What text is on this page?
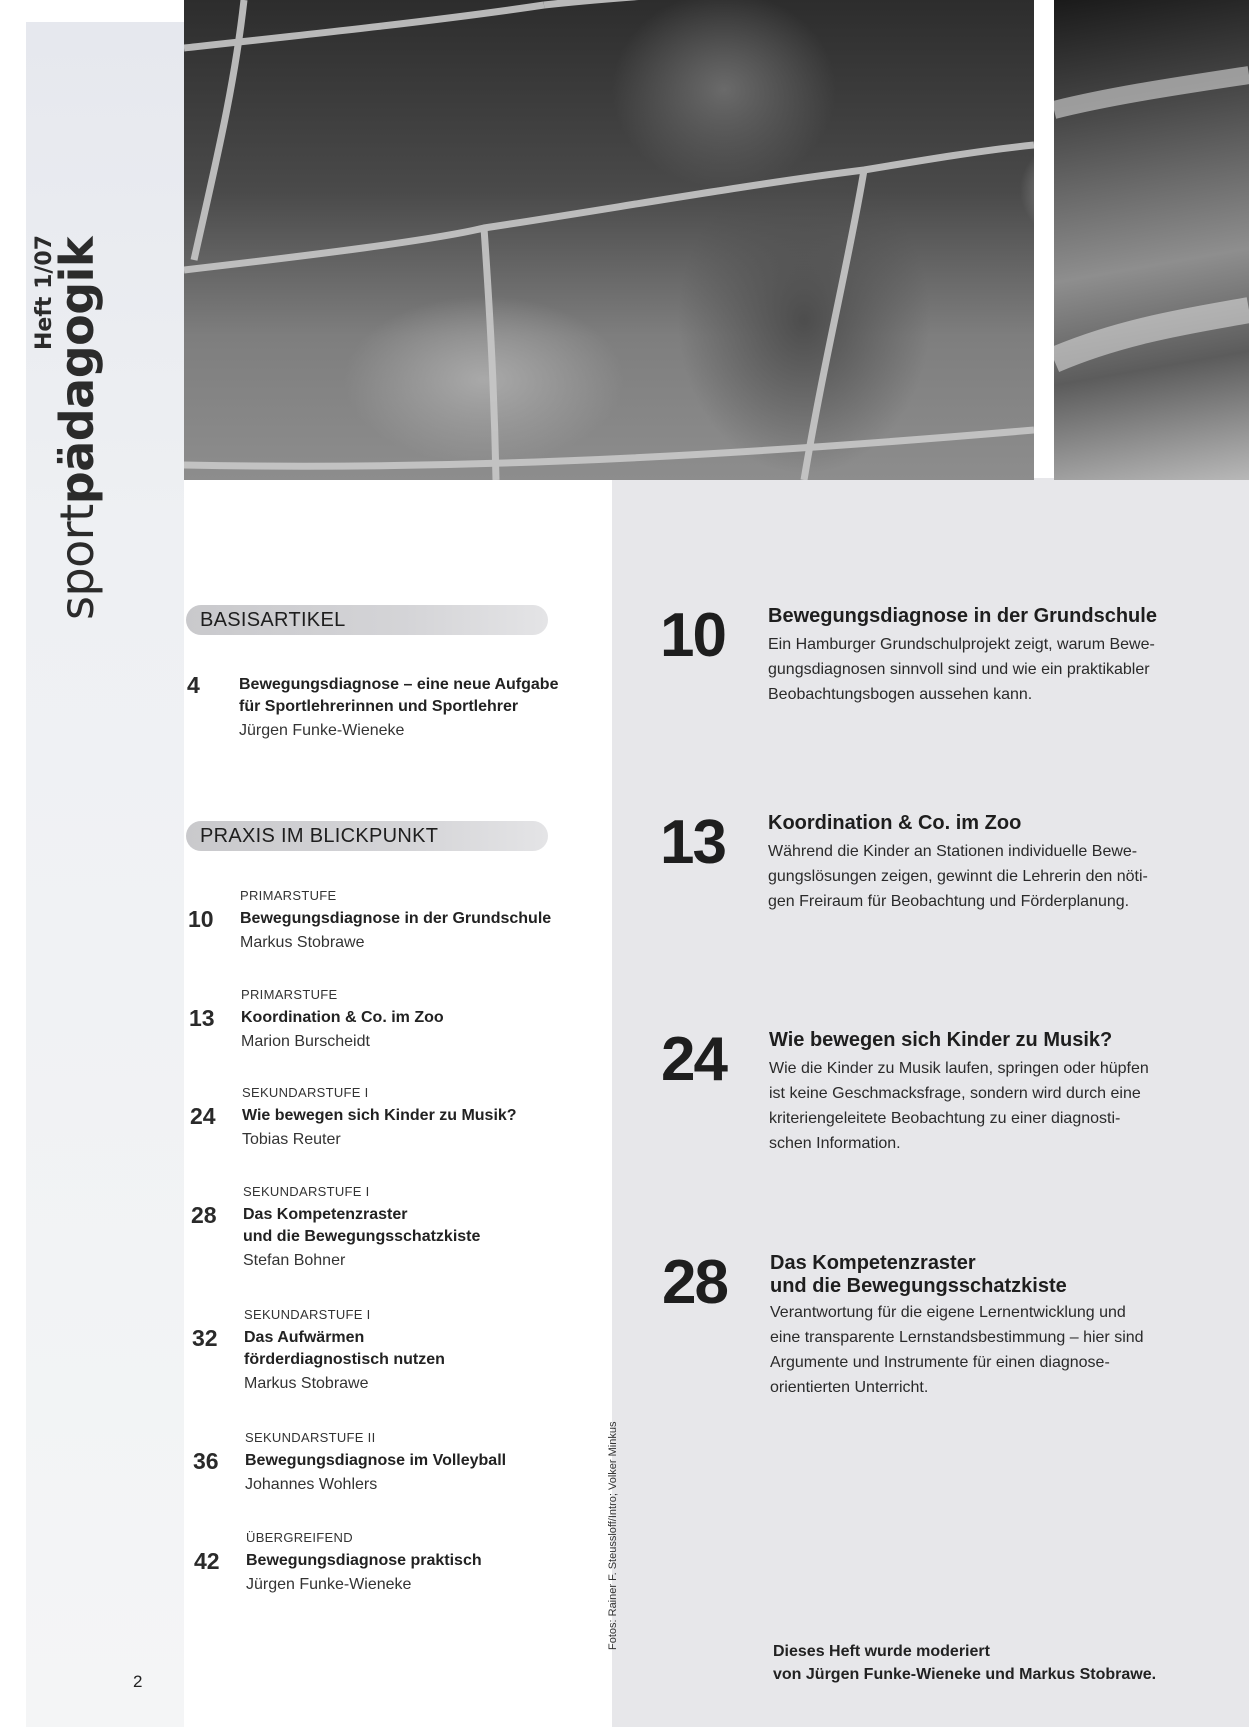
Heft 1/07
sportpädagogik
BASISARTIKEL
4 Bewegungsdiagnose – eine neue Aufgabe
für Sportlehrerinnen und Sportlehrer
Jürgen Funke-Wieneke
PRAXIS IM BLICKPUNKT
PRIMARSTUFE
10 Bewegungsdiagnose in der Grundschule
Markus Stobrawe
PRIMARSTUFE
13 Koordination & Co. im Zoo
Marion Burscheidt
SEKUNDARSTUFE I
24 Wie bewegen sich Kinder zu Musik?
Tobias Reuter
SEKUNDARSTUFE I
28 Das Kompetenzraster
und die Bewegungsschatzkiste
Stefan Bohner
SEKUNDARSTUFE I
32 Das Aufwärmen
förderdiagnostisch nutzen
Markus Stobrawe
SEKUNDARSTUFE II
36 Bewegungsdiagnose im Volleyball
Johannes Wohlers
ÜBERGREIFEND
42 Bewegungsdiagnose praktisch
Jürgen Funke-Wieneke
10 Bewegungsdiagnose in der Grundschule
Ein Hamburger Grundschulprojekt zeigt, warum Bewe-
gungsdiagnosen sinnvoll sind und wie ein praktikabler
Beobachtungsbogen aussehen kann.
13 Koordination & Co. im Zoo
Während die Kinder an Stationen individuelle Bewe-
gungslösungen zeigen, gewinnt die Lehrerin den nöti-
gen Freiraum für Beobachtung und Förderplanung.
24 Wie bewegen sich Kinder zu Musik?
Wie die Kinder zu Musik laufen, springen oder hüpfen
ist keine Geschmacksfrage, sondern wird durch eine
kriteriengeleitete Beobachtung zu einer diagnosti-
schen Information.
28 Das Kompetenzraster
und die Bewegungsschatzkiste
Verantwortung für die eigene Lernentwicklung und
eine transparente Lernstandsbestimmung – hier sind
Argumente und Instrumente für einen diagnose-
orientierten Unterricht.
Fotos: Rainer F. Steussloff/Intro; Volker Minkus
2
Dieses Heft wurde moderiert
von Jürgen Funke-Wieneke und Markus Stobrawe.
